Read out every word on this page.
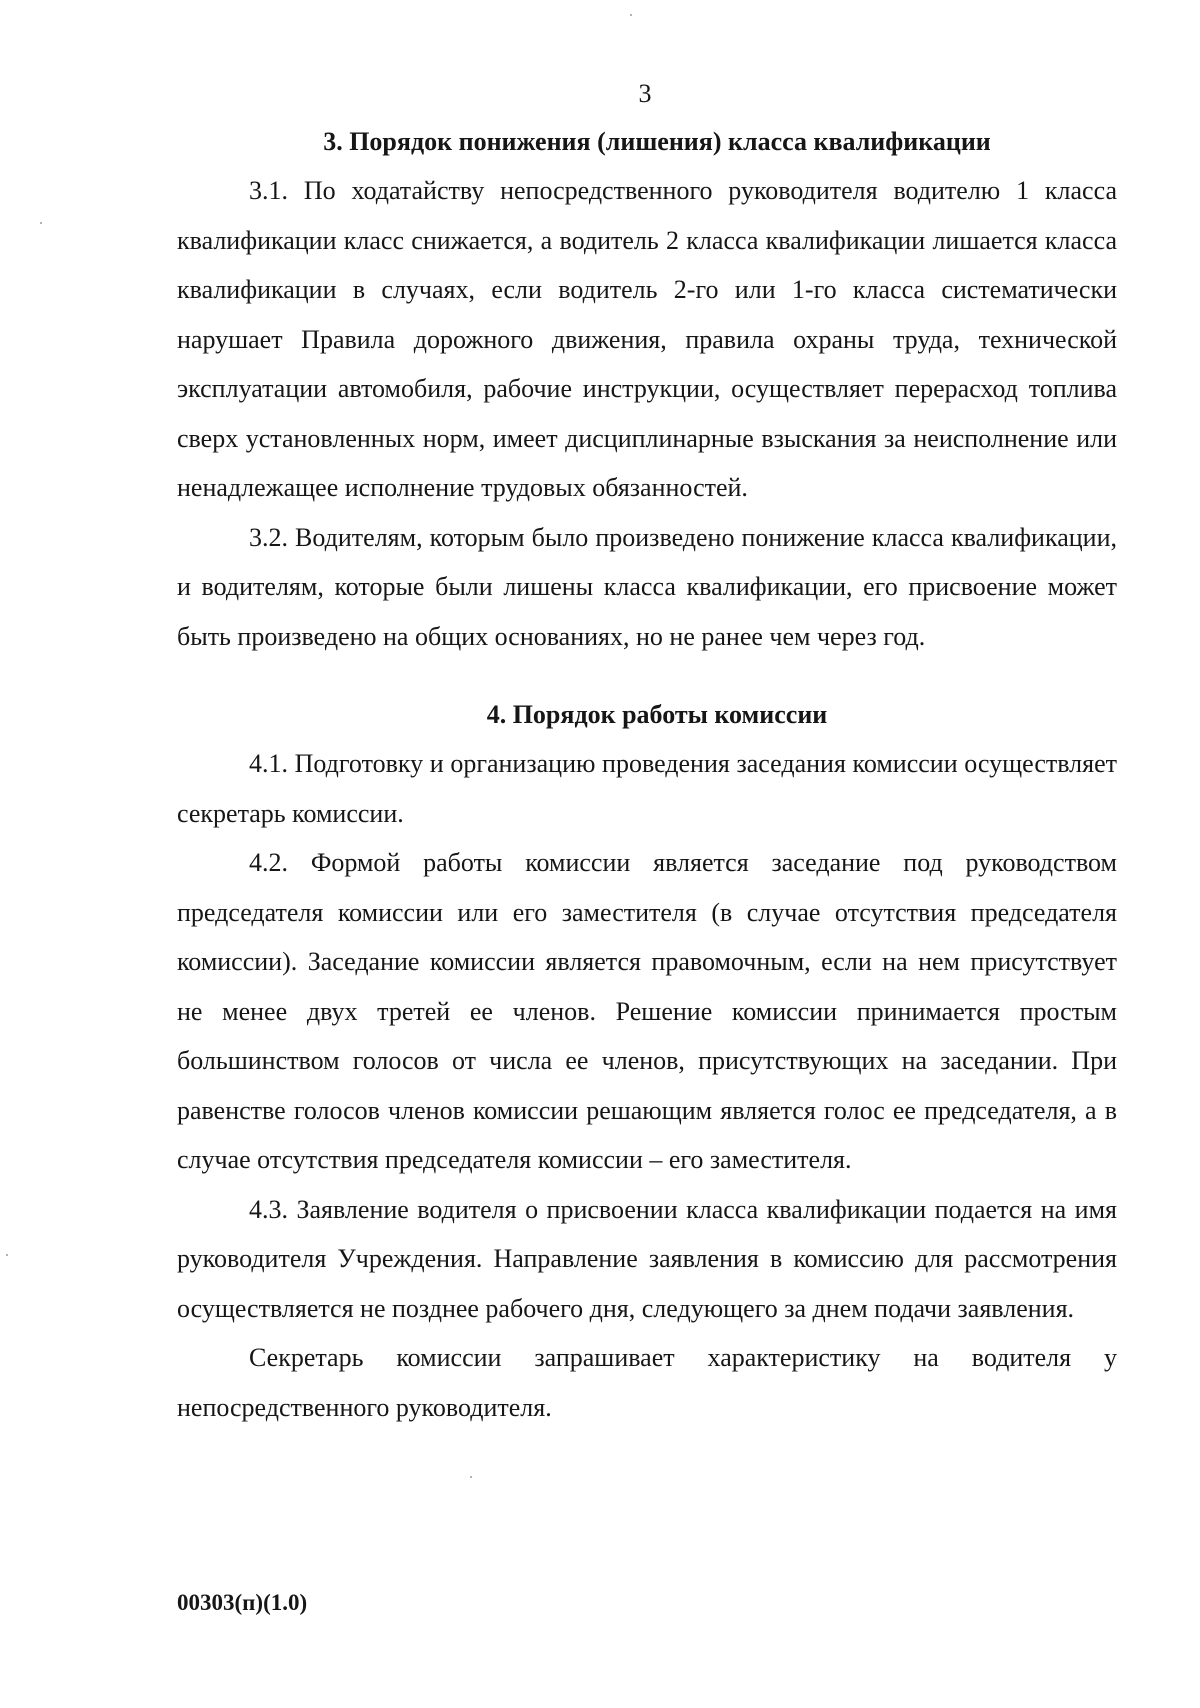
3
3. Порядок понижения (лишения) класса квалификации

3.1. По ходатайству непосредственного руководителя водителю 1 класса квалификации класс снижается, а водитель 2 класса квалификации лишается класса квалификации в случаях, если водитель 2-го или 1-го класса систематически нарушает Правила дорожного движения, правила охраны труда, технической эксплуатации автомобиля, рабочие инструкции, осуществляет перерасход топлива сверх установленных норм, имеет дисциплинарные взыскания за неисполнение или ненадлежащее исполнение трудовых обязанностей.

3.2. Водителям, которым было произведено понижение класса квалификации, и водителям, которые были лишены класса квалификации, его присвоение может быть произведено на общих основаниях, но не ранее чем через год.

4. Порядок работы комиссии

4.1. Подготовку и организацию проведения заседания комиссии осуществляет секретарь комиссии.

4.2. Формой работы комиссии является заседание под руководством председателя комиссии или его заместителя (в случае отсутствия председателя комиссии). Заседание комиссии является правомочным, если на нем присутствует не менее двух третей ее членов. Решение комиссии принимается простым большинством голосов от числа ее членов, присутствующих на заседании. При равенстве голосов членов комиссии решающим является голос ее председателя, а в случае отсутствия председателя комиссии – его заместителя.

4.3. Заявление водителя о присвоении класса квалификации подается на имя руководителя Учреждения. Направление заявления в комиссию для рассмотрения осуществляется не позднее рабочего дня, следующего за днем подачи заявления.

Секретарь комиссии запрашивает характеристику на водителя у непосредственного руководителя.

00303(п)(1.0)
